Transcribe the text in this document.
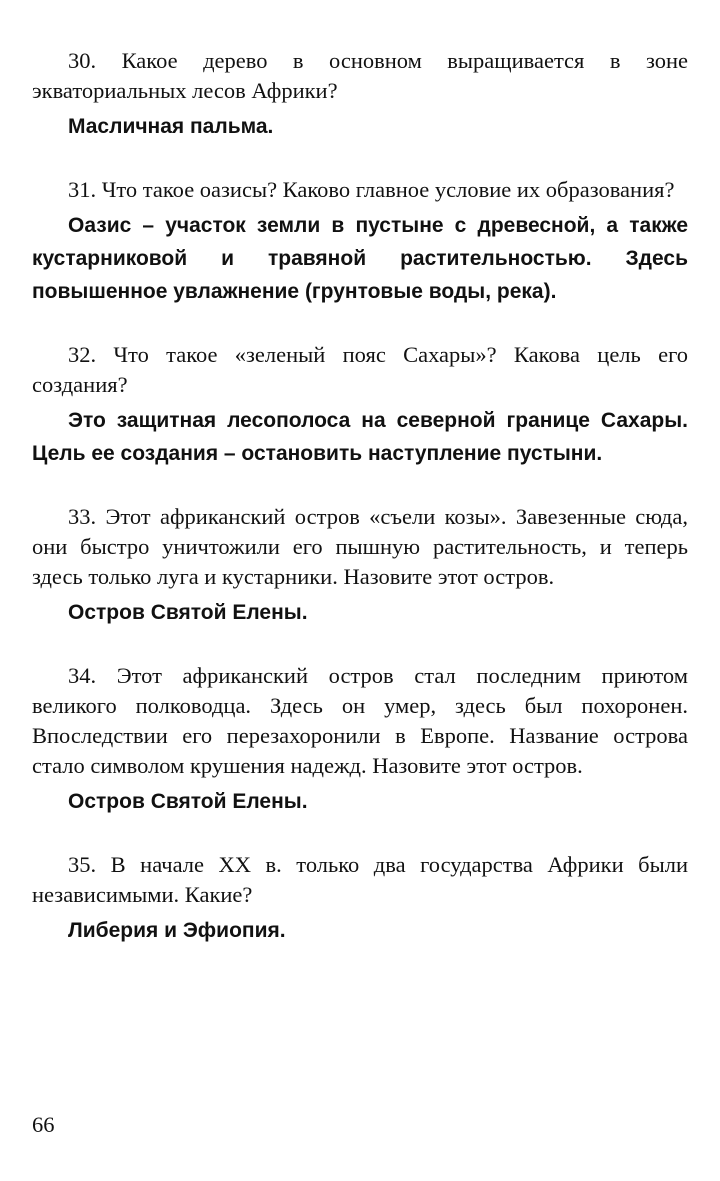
30. Какое дерево в основном выращивается в зоне экваториальных лесов Африки?

Масличная пальма.

31. Что такое оазисы? Каково главное условие их образования?

Оазис – участок земли в пустыне с древесной, а также кустарниковой и травяной растительностью. Здесь повышенное увлажнение (грунтовые воды, река).

32. Что такое «зеленый пояс Сахары»? Какова цель его создания?

Это защитная лесополоса на северной границе Сахары. Цель ее создания – остановить наступление пустыни.

33. Этот африканский остров «съели козы». Завезенные сюда, они быстро уничтожили его пышную растительность, и теперь здесь только луга и кустарники. Назовите этот остров.

Остров Святой Елены.

34. Этот африканский остров стал последним приютом великого полководца. Здесь он умер, здесь был похоронен. Впоследствии его перезахоронили в Европе. Название острова стало символом крушения надежд. Назовите этот остров.

Остров Святой Елены.

35. В начале XX в. только два государства Африки были независимыми. Какие?

Либерия и Эфиопия.

66
